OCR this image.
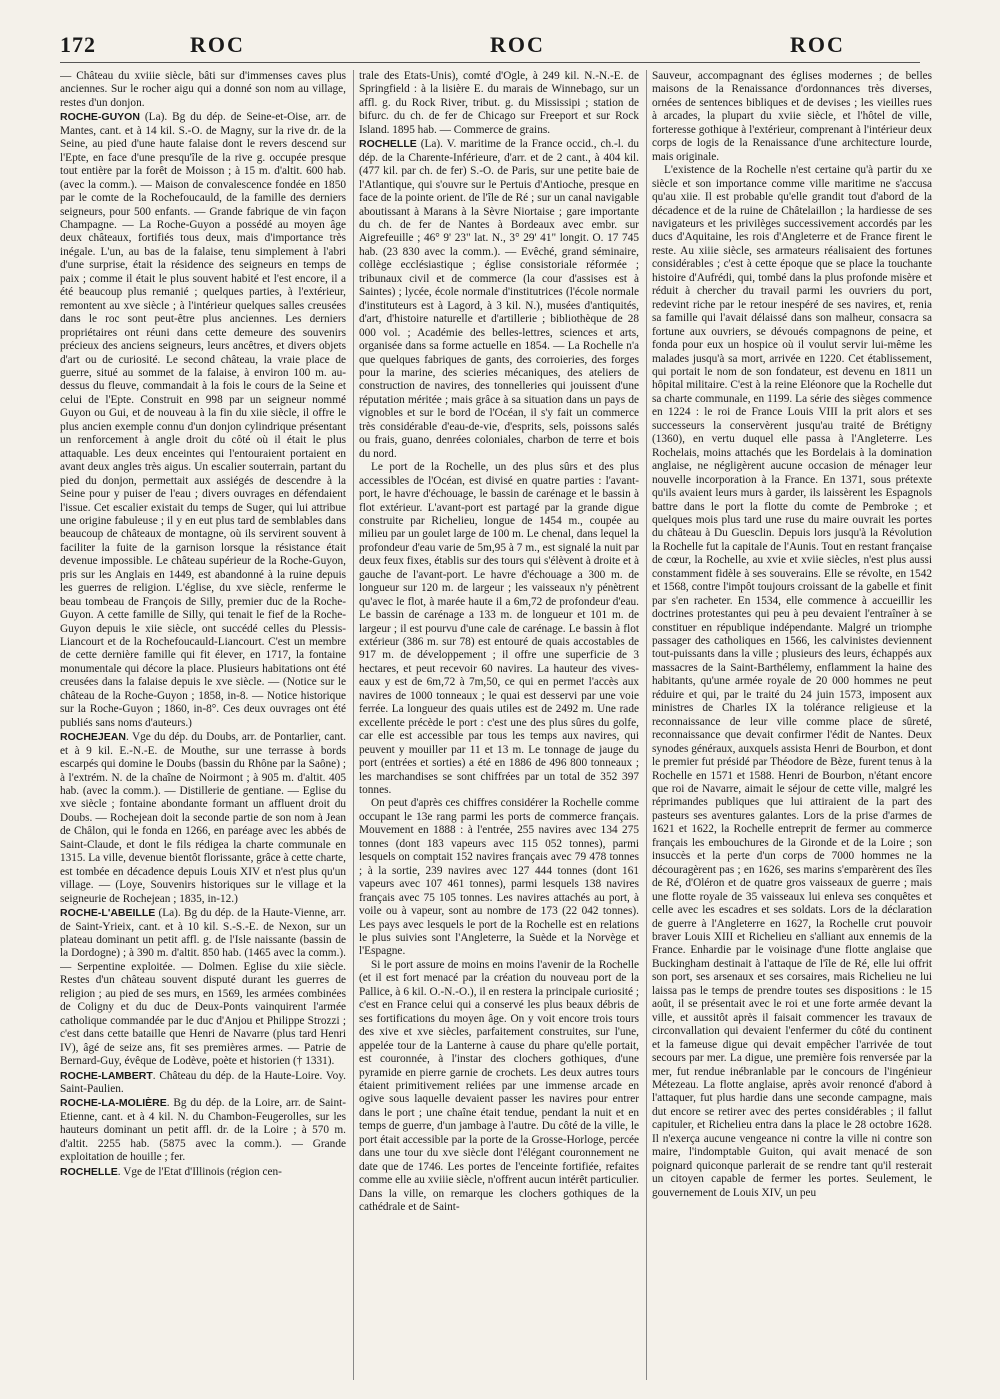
172	ROC	ROC	ROC

— Château du xviiie siècle, bâti sur d'immenses caves plus anciennes. Sur le rocher aigu qui a donné son nom au village, restes d'un donjon.

ROCHE-GUYON (La). Bg du dép. de Seine-et-Oise, arr. de Mantes, cant. et à 14 kil. S.-O. de Magny, sur la rive dr. de la Seine, au pied d'une haute falaise dont le revers descend sur l'Epte, en face d'une presqu'île de la rive g. occupée presque tout entière par la forêt de Moisson ; à 15 m. d'altit. 600 hab. (avec la comm.). — Maison de convalescence fondée en 1850 par le comte de la Rochefoucauld, de la famille des derniers seigneurs, pour 500 enfants. — Grande fabrique de vin façon Champagne. — La Roche-Guyon a possédé au moyen âge deux châteaux, fortifiés tous deux, mais d'importance très inégale. L'un, au bas de la falaise, tenu simplement à l'abri d'une surprise, était la résidence des seigneurs en temps de paix ; comme il était le plus souvent habité et l'est encore, il a été beaucoup plus remanié ; quelques parties, à l'extérieur, remontent au xve siècle ; à l'intérieur quelques salles creusées dans le roc sont peut-être plus anciennes. Les derniers propriétaires ont réuni dans cette demeure des souvenirs précieux des anciens seigneurs, leurs ancêtres, et divers objets d'art ou de curiosité. Le second château, la vraie place de guerre, situé au sommet de la falaise, à environ 100 m. au-dessus du fleuve, commandait à la fois le cours de la Seine et celui de l'Epte. Construit en 998 par un seigneur nommé Guyon ou Gui, et de nouveau à la fin du xiie siècle, il offre le plus ancien exemple connu d'un donjon cylindrique présentant un renforcement à angle droit du côté où il était le plus attaquable. Les deux enceintes qui l'entouraient portaient en avant deux angles très aigus. Un escalier souterrain, partant du pied du donjon, permettait aux assiégés de descendre à la Seine pour y puiser de l'eau ; divers ouvrages en défendaient l'issue. Cet escalier existait du temps de Suger, qui lui attribue une origine fabuleuse ; il y en eut plus tard de semblables dans beaucoup de châteaux de montagne, où ils servirent souvent à faciliter la fuite de la garnison lorsque la résistance était devenue impossible. Le château supérieur de la Roche-Guyon, pris sur les Anglais en 1449, est abandonné à la ruine depuis les guerres de religion. L'église, du xve siècle, renferme le beau tombeau de François de Silly, premier duc de la Roche-Guyon. A cette famille de Silly, qui tenait le fief de la Roche-Guyon depuis le xiie siècle, ont succédé celles du Plessis-Liancourt et de la Rochefoucauld-Liancourt. C'est un membre de cette dernière famille qui fit élever, en 1717, la fontaine monumentale qui décore la place. Plusieurs habitations ont été creusées dans la falaise depuis le xve siècle. — (Notice sur le château de la Roche-Guyon ; 1858, in-8. — Notice historique sur la Roche-Guyon ; 1860, in-8°. Ces deux ouvrages ont été publiés sans noms d'auteurs.)

ROCHEJEAN. Vge du dép. du Doubs, arr. de Pontarlier, cant. et à 9 kil. E.-N.-E. de Mouthe, sur une terrasse à bords escarpés qui domine le Doubs (bassin du Rhône par la Saône) ; à l'extrém. N. de la chaîne de Noirmont ; à 905 m. d'altit. 405 hab. (avec la comm.). — Distillerie de gentiane. — Eglise du xve siècle ; fontaine abondante formant un affluent droit du Doubs. — Rochejean doit la seconde partie de son nom à Jean de Châlon, qui le fonda en 1266, en paréage avec les abbés de Saint-Claude, et dont le fils rédigea la charte communale en 1315. La ville, devenue bientôt florissante, grâce à cette charte, est tombée en décadence depuis Louis XIV et n'est plus qu'un village. — (Loye, Souvenirs historiques sur le village et la seigneurie de Rochejean ; 1835, in-12.)

ROCHE-L'ABEILLE (La). Bg du dép. de la Haute-Vienne, arr. de Saint-Yrieix, cant. et à 10 kil. S.-S.-E. de Nexon, sur un plateau dominant un petit affl. g. de l'Isle naissante (bassin de la Dordogne) ; à 390 m. d'altit. 850 hab. (1465 avec la comm.). — Serpentine exploitée. — Dolmen. Eglise du xiie siècle. Restes d'un château souvent disputé durant les guerres de religion ; au pied de ses murs, en 1569, les armées combinées de Coligny et du duc de Deux-Ponts vainquirent l'armée catholique commandée par le duc d'Anjou et Philippe Strozzi ; c'est dans cette bataille que Henri de Navarre (plus tard Henri IV), âgé de seize ans, fit ses premières armes. — Patrie de Bernard-Guy, évêque de Lodève, poète et historien († 1331).

ROCHE-LAMBERT. Château du dép. de la Haute-Loire. Voy. Saint-Paulien.

ROCHE-LA-MOLIÈRE. Bg du dép. de la Loire, arr. de Saint-Etienne, cant. et à 4 kil. N. du Chambon-Feugerolles, sur les hauteurs dominant un petit affl. dr. de la Loire ; à 570 m. d'altit. 2255 hab. (5875 avec la comm.). — Grande exploitation de houille ; fer.

ROCHELLE. Vge de l'Etat d'Illinois (région cen-

trale des Etats-Unis), comté d'Ogle, à 249 kil. N.-N.-E. de Springfield : à la lisière E. du marais de Winnebago, sur un affl. g. du Rock River, tribut. g. du Mississipi ; station de bifurc. du ch. de fer de Chicago sur Freeport et sur Rock Island. 1895 hab. — Commerce de grains.

ROCHELLE (La). V. maritime de la France occid., ch.-l. du dép. de la Charente-Inférieure, d'arr. et de 2 cant., à 404 kil. (477 kil. par ch. de fer) S.-O. de Paris, sur une petite baie de l'Atlantique, qui s'ouvre sur le Pertuis d'Antioche, presque en face de la pointe orient. de l'île de Ré ; sur un canal navigable aboutissant à Marans à la Sèvre Niortaise ; gare importante du ch. de fer de Nantes à Bordeaux avec embr. sur Aigrefeuille ; 46° 9' 23" lat. N., 3° 29' 41" longit. O. 17 745 hab. (23 830 avec la comm.). — Evêché, grand séminaire, collège ecclésiastique ; église consistoriale réformée ; tribunaux civil et de commerce (la cour d'assises est à Saintes) ; lycée, école normale d'institutrices (l'école normale d'instituteurs est à Lagord, à 3 kil. N.), musées d'antiquités, d'art, d'histoire naturelle et d'artillerie ; bibliothèque de 28 000 vol. ; Académie des belles-lettres, sciences et arts, organisée dans sa forme actuelle en 1854. — La Rochelle n'a que quelques fabriques de gants, des corroieries, des forges pour la marine, des scieries mécaniques, des ateliers de construction de navires, des tonnelleries qui jouissent d'une réputation méritée ; mais grâce à sa situation dans un pays de vignobles et sur le bord de l'Océan, il s'y fait un commerce très considérable d'eau-de-vie, d'esprits, sels, poissons salés ou frais, guano, denrées coloniales, charbon de terre et bois du nord.

Le port de la Rochelle, un des plus sûrs et des plus accessibles de l'Océan, est divisé en quatre parties : l'avant-port, le havre d'échouage, le bassin de carénage et le bassin à flot extérieur. L'avant-port est partagé par la grande digue construite par Richelieu, longue de 1454 m., coupée au milieu par un goulet large de 100 m. Le chenal, dans lequel la profondeur d'eau varie de 5m,95 à 7 m., est signalé la nuit par deux feux fixes, établis sur des tours qui s'élèvent à droite et à gauche de l'avant-port. Le havre d'échouage a 300 m. de longueur sur 120 m. de largeur ; les vaisseaux n'y pénètrent qu'avec le flot, à marée haute il a 6m,72 de profondeur d'eau. Le bassin de carénage a 133 m. de longueur et 101 m. de largeur ; il est pourvu d'une cale de carénage. Le bassin à flot extérieur (386 m. sur 78) est entouré de quais accostables de 917 m. de développement ; il offre une superficie de 3 hectares, et peut recevoir 60 navires. La hauteur des vives-eaux y est de 6m,72 à 7m,50, ce qui en permet l'accès aux navires de 1000 tonneaux ; le quai est desservi par une voie ferrée. La longueur des quais utiles est de 2492 m. Une rade excellente précède le port : c'est une des plus sûres du golfe, car elle est accessible par tous les temps aux navires, qui peuvent y mouiller par 11 et 13 m. Le tonnage de jauge du port (entrées et sorties) a été en 1886 de 496 800 tonneaux ; les marchandises se sont chiffrées par un total de 352 397 tonnes.

On peut d'après ces chiffres considérer la Rochelle comme occupant le 13e rang parmi les ports de commerce français. Mouvement en 1888 : à l'entrée, 255 navires avec 134 275 tonnes (dont 183 vapeurs avec 115 052 tonnes), parmi lesquels on comptait 152 navires français avec 79 478 tonnes ; à la sortie, 239 navires avec 127 444 tonnes (dont 161 vapeurs avec 107 461 tonnes), parmi lesquels 138 navires français avec 75 105 tonnes. Les navires attachés au port, à voile ou à vapeur, sont au nombre de 173 (22 042 tonnes). Les pays avec lesquels le port de la Rochelle est en relations le plus suivies sont l'Angleterre, la Suède et la Norvège et l'Espagne.

Si le port assure de moins en moins l'avenir de la Rochelle (et il est fort menacé par la création du nouveau port de la Pallice, à 6 kil. O.-N.-O.), il en restera la principale curiosité ; c'est en France celui qui a conservé les plus beaux débris de ses fortifications du moyen âge. On y voit encore trois tours des xive et xve siècles, parfaitement construites, sur l'une, appelée tour de la Lanterne à cause du phare qu'elle portait, est couronnée, à l'instar des clochers gothiques, d'une pyramide en pierre garnie de crochets. Les deux autres tours étaient primitivement reliées par une immense arcade en ogive sous laquelle devaient passer les navires pour entrer dans le port ; une chaîne était tendue, pendant la nuit et en temps de guerre, d'un jambage à l'autre. Du côté de la ville, le port était accessible par la porte de la Grosse-Horloge, percée dans une tour du xve siècle dont l'élégant couronnement ne date que de 1746. Les portes de l'enceinte fortifiée, refaites comme elle au xviiie siècle, n'offrent aucun intérêt particulier. Dans la ville, on remarque les clochers gothiques de la cathédrale et de Saint-

Sauveur, accompagnant des églises modernes ; de belles maisons de la Renaissance d'ordonnances très diverses, ornées de sentences bibliques et de devises ; les vieilles rues à arcades, la plupart du xviie siècle, et l'hôtel de ville, forteresse gothique à l'extérieur, comprenant à l'intérieur deux corps de logis de la Renaissance d'une architecture lourde, mais originale.

L'existence de la Rochelle n'est certaine qu'à partir du xe siècle et son importance comme ville maritime ne s'accusa qu'au xiie. Il est probable qu'elle grandit tout d'abord de la décadence et de la ruine de Châtelaillon ; la hardiesse de ses navigateurs et les privilèges successivement accordés par les ducs d'Aquitaine, les rois d'Angleterre et de France firent le reste. Au xiiie siècle, ses armateurs réalisaient des fortunes considérables ; c'est à cette époque que se place la touchante histoire d'Aufrédi, qui, tombé dans la plus profonde misère et réduit à chercher du travail parmi les ouvriers du port, redevint riche par le retour inespéré de ses navires, et, renia sa famille qui l'avait délaissé dans son malheur, consacra sa fortune aux ouvriers, se dévoués compagnons de peine, et fonda pour eux un hospice où il voulut servir lui-même les malades jusqu'à sa mort, arrivée en 1220. Cet établissement, qui portait le nom de son fondateur, est devenu en 1811 un hôpital militaire. C'est à la reine Eléonore que la Rochelle dut sa charte communale, en 1199. La série des sièges commence en 1224 : le roi de France Louis VIII la prit alors et ses successeurs la conservèrent jusqu'au traité de Brétigny (1360), en vertu duquel elle passa à l'Angleterre. Les Rochelais, moins attachés que les Bordelais à la domination anglaise, ne négligèrent aucune occasion de ménager leur nouvelle incorporation à la France. En 1371, sous prétexte qu'ils avaient leurs murs à garder, ils laissèrent les Espagnols battre dans le port la flotte du comte de Pembroke ; et quelques mois plus tard une ruse du maire ouvrait les portes du château à Du Guesclin. Depuis lors jusqu'à la Révolution la Rochelle fut la capitale de l'Aunis. Tout en restant française de cœur, la Rochelle, au xvie et xviie siècles, n'est plus aussi constamment fidèle à ses souverains. Elle se révolte, en 1542 et 1568, contre l'impôt toujours croissant de la gabelle et finit par s'en racheter. En 1534, elle commence à accueillir les doctrines protestantes qui peu à peu devaient l'entraîner à se constituer en république indépendante. Malgré un triomphe passager des catholiques en 1566, les calvinistes deviennent tout-puissants dans la ville ; plusieurs des leurs, échappés aux massacres de la Saint-Barthélemy, enflamment la haine des habitants, qu'une armée royale de 20 000 hommes ne peut réduire et qui, par le traité du 24 juin 1573, imposent aux ministres de Charles IX la tolérance religieuse et la reconnaissance de leur ville comme place de sûreté, reconnaissance que devait confirmer l'édit de Nantes. Deux synodes généraux, auxquels assista Henri de Bourbon, et dont le premier fut présidé par Théodore de Bèze, furent tenus à la Rochelle en 1571 et 1588. Henri de Bourbon, n'étant encore que roi de Navarre, aimait le séjour de cette ville, malgré les réprimandes publiques que lui attiraient de la part des pasteurs ses aventures galantes. Lors de la prise d'armes de 1621 et 1622, la Rochelle entreprit de fermer au commerce français les embouchures de la Gironde et de la Loire ; son insuccès et la perte d'un corps de 7000 hommes ne la découragèrent pas ; en 1626, ses marins s'emparèrent des îles de Ré, d'Oléron et de quatre gros vaisseaux de guerre ; mais une flotte royale de 35 vaisseaux lui enleva ses conquêtes et celle avec les escadres et ses soldats. Lors de la déclaration de guerre à l'Angleterre en 1627, la Rochelle crut pouvoir braver Louis XIII et Richelieu en s'alliant aux ennemis de la France. Enhardie par le voisinage d'une flotte anglaise que Buckingham destinait à l'attaque de l'île de Ré, elle lui offrit son port, ses arsenaux et ses corsaires, mais Richelieu ne lui laissa pas le temps de prendre toutes ses dispositions : le 15 août, il se présentait avec le roi et une forte armée devant la ville, et aussitôt après il faisait commencer les travaux de circonvallation qui devaient l'enfermer du côté du continent et la fameuse digue qui devait empêcher l'arrivée de tout secours par mer. La digue, une première fois renversée par la mer, fut rendue inébranlable par le concours de l'ingénieur Métezeau. La flotte anglaise, après avoir renoncé d'abord à l'attaquer, fut plus hardie dans une seconde campagne, mais dut encore se retirer avec des pertes considérables ; il fallut capituler, et Richelieu entra dans la place le 28 octobre 1628. Il n'exerça aucune vengeance ni contre la ville ni contre son maire, l'indomptable Guiton, qui avait menacé de son poignard quiconque parlerait de se rendre tant qu'il resterait un citoyen capable de fermer les portes. Seulement, le gouvernement de Louis XIV, un peu
